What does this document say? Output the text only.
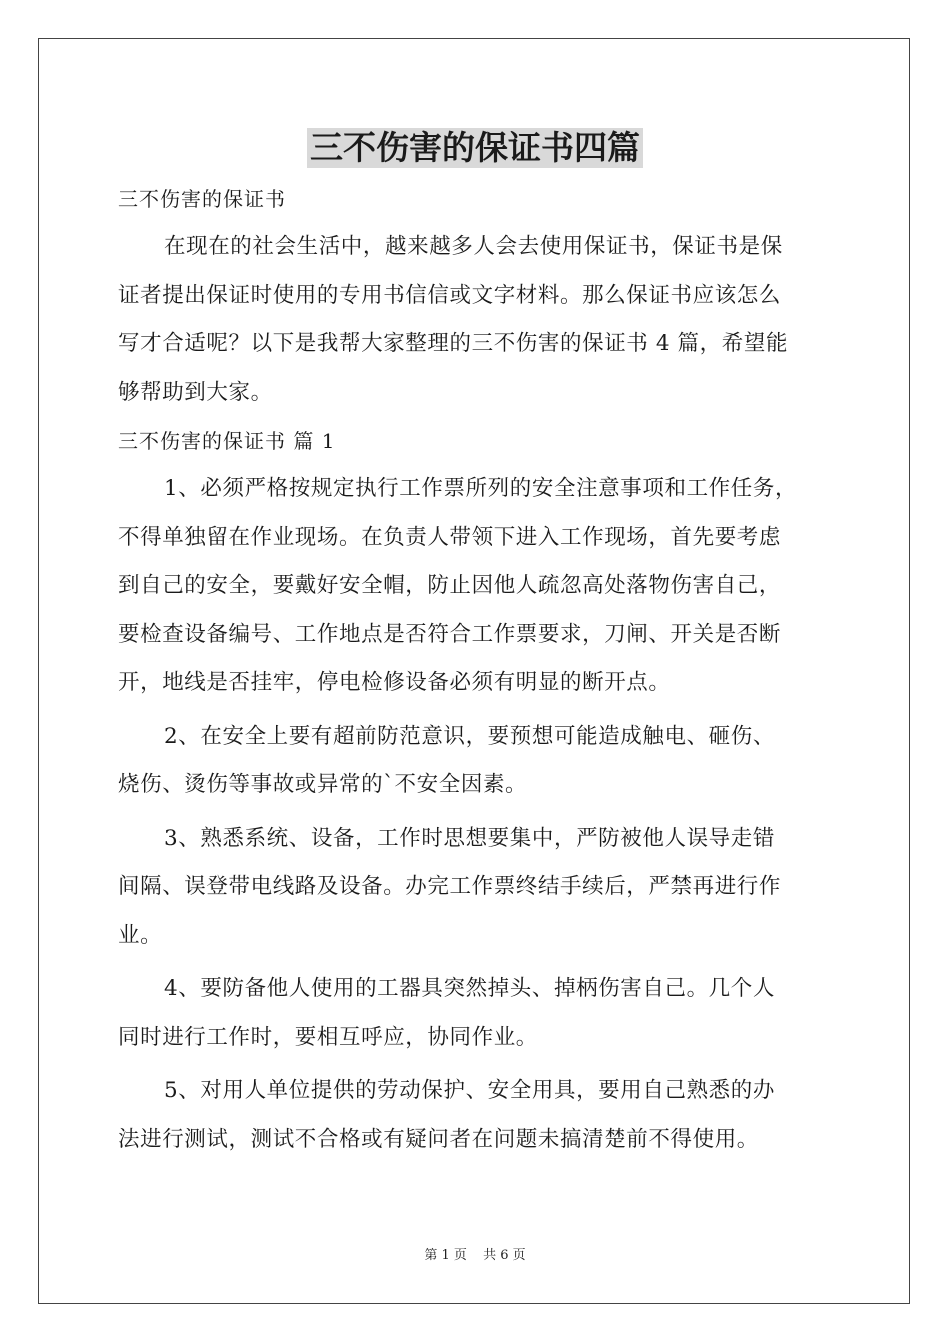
三不伤害的保证书四篇
三不伤害的保证书
在现在的社会生活中，越来越多人会去使用保证书，保证书是保
证者提出保证时使用的专用书信信或文字材料。那么保证书应该怎么
写才合适呢？以下是我帮大家整理的三不伤害的保证书 4 篇，希望能
够帮助到大家。
三不伤害的保证书 篇 1
1、必须严格按规定执行工作票所列的安全注意事项和工作任务，
不得单独留在作业现场。在负责人带领下进入工作现场，首先要考虑
到自己的安全，要戴好安全帽，防止因他人疏忽高处落物伤害自己，
要检查设备编号、工作地点是否符合工作票要求，刀闸、开关是否断
开，地线是否挂牢，停电检修设备必须有明显的断开点。
2、在安全上要有超前防范意识，要预想可能造成触电、砸伤、
烧伤、烫伤等事故或异常的`不安全因素。
3、熟悉系统、设备，工作时思想要集中，严防被他人误导走错
间隔、误登带电线路及设备。办完工作票终结手续后，严禁再进行作
业。
4、要防备他人使用的工器具突然掉头、掉柄伤害自己。几个人
同时进行工作时，要相互呼应，协同作业。
5、对用人单位提供的劳动保护、安全用具，要用自己熟悉的办
法进行测试，测试不合格或有疑问者在问题未搞清楚前不得使用。
第 1 页 共 6 页
